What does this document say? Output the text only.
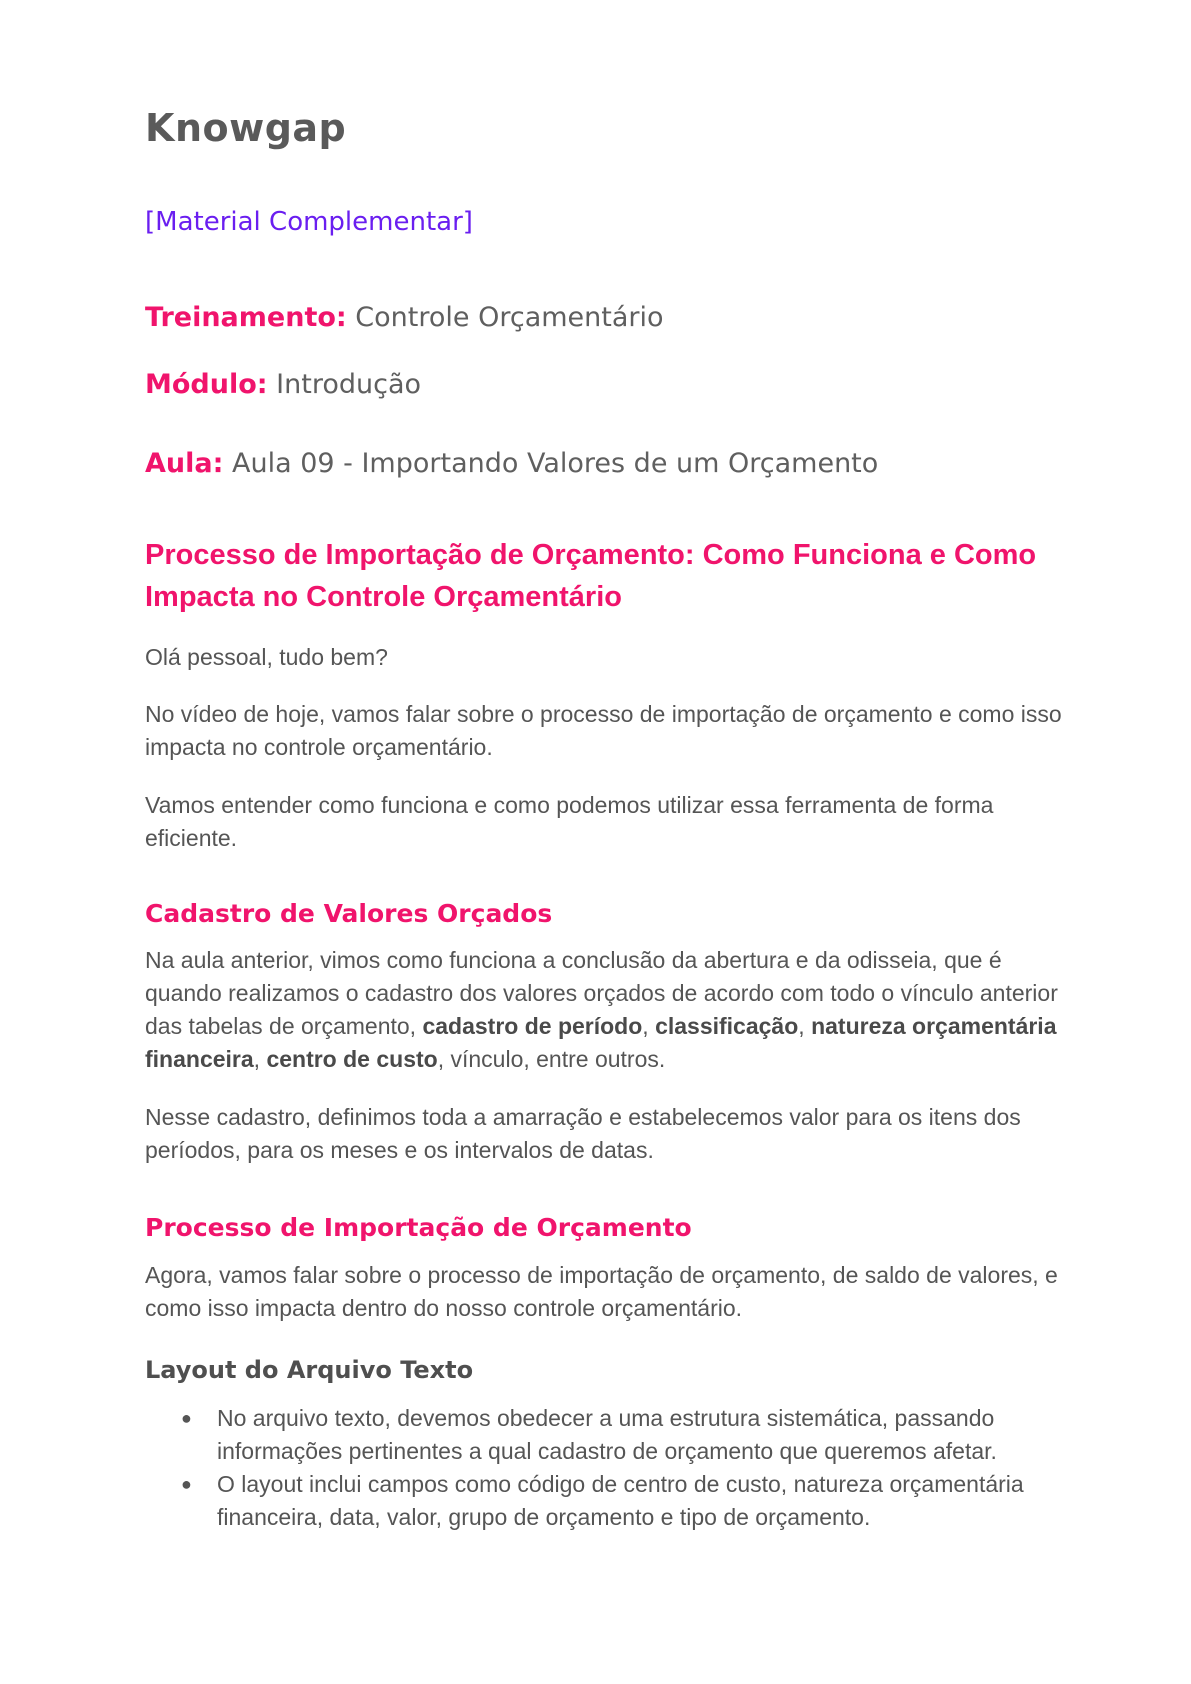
Knowgap
[Material Complementar]
Treinamento: Controle Orçamentário
Módulo: Introdução
Aula: Aula 09 - Importando Valores de um Orçamento
Processo de Importação de Orçamento: Como Funciona e Como Impacta no Controle Orçamentário

Olá pessoal, tudo bem?

No vídeo de hoje, vamos falar sobre o processo de importação de orçamento e como isso impacta no controle orçamentário.

Vamos entender como funciona e como podemos utilizar essa ferramenta de forma eficiente.

Cadastro de Valores Orçados

Na aula anterior, vimos como funciona a conclusão da abertura e da odisseia, que é quando realizamos o cadastro dos valores orçados de acordo com todo o vínculo anterior das tabelas de orçamento, cadastro de período, classificação, natureza orçamentária financeira, centro de custo, vínculo, entre outros.

Nesse cadastro, definimos toda a amarração e estabelecemos valor para os itens dos períodos, para os meses e os intervalos de datas.

Processo de Importação de Orçamento

Agora, vamos falar sobre o processo de importação de orçamento, de saldo de valores, e como isso impacta dentro do nosso controle orçamentário.

Layout do Arquivo Texto
● No arquivo texto, devemos obedecer a uma estrutura sistemática, passando informações pertinentes a qual cadastro de orçamento que queremos afetar.
● O layout inclui campos como código de centro de custo, natureza orçamentária financeira, data, valor, grupo de orçamento e tipo de orçamento.
